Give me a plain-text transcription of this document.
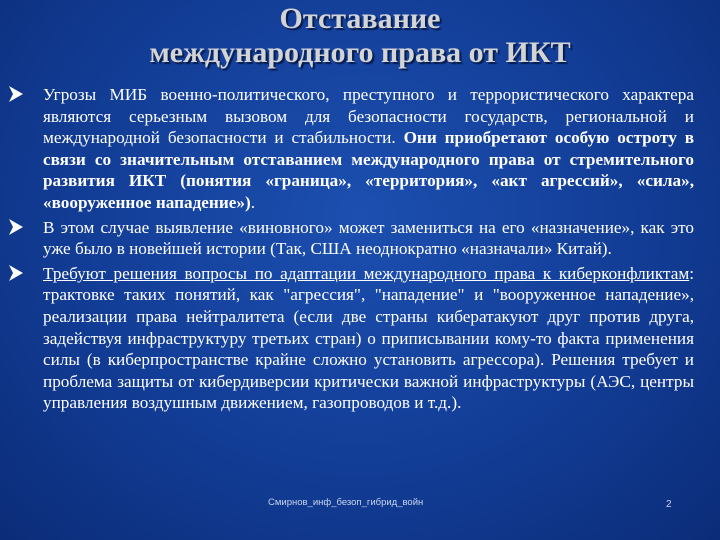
Отставание
международного права от ИКТ
Угрозы МИБ военно-политического, преступного и террористического характера являются серьезным вызовом для безопасности государств, региональной и международной безопасности и стабильности. Они приобретают особую остроту в связи со значительным отставанием международного права от стремительного развития ИКТ (понятия «граница», «территория», «акт агрессий», «сила», «вооруженное нападение»).
В этом случае выявление «виновного» может замениться на его «назначение», как это уже было в новейшей истории (Так, США неоднократно «назначали» Китай).
Требуют решения вопросы по адаптации международного права к киберконфликтам: трактовке таких понятий, как "агрессия", "нападение" и "вооруженное нападение», реализации права нейтралитета (если две страны кибератакуют друг против друга, задействуя инфраструктуру третьих стран) о приписывании кому-то факта применения силы (в киберпространстве крайне сложно установить агрессора). Решения требует и проблема защиты от кибердиверсии критически важной инфраструктуры (АЭС, центры управления воздушным движением, газопроводов и т.д.).
Смирнов_инф_безоп_гибрид_войн	2
